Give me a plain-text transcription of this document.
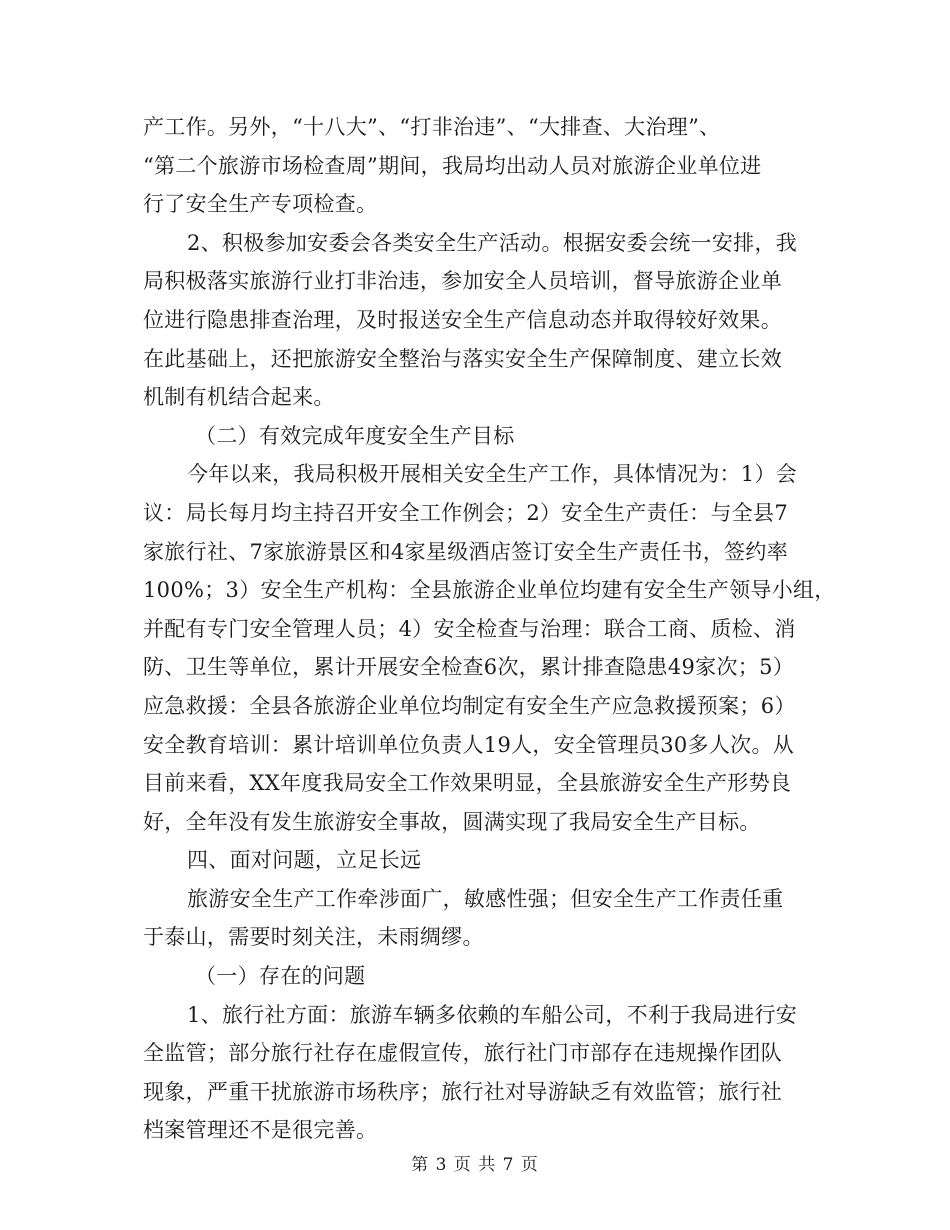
产工作。另外，“十八大”、“打非治违”、“大排查、大治理”、
“第二个旅游市场检查周”期间，我局均出动人员对旅游企业单位进
行了安全生产专项检查。
2、积极参加安委会各类安全生产活动。根据安委会统一安排，我
局积极落实旅游行业打非治违，参加安全人员培训，督导旅游企业单
位进行隐患排查治理，及时报送安全生产信息动态并取得较好效果。
在此基础上，还把旅游安全整治与落实安全生产保障制度、建立长效
机制有机结合起来。
（二）有效完成年度安全生产目标
今年以来，我局积极开展相关安全生产工作，具体情况为：1）会
议：局长每月均主持召开安全工作例会；2）安全生产责任：与全县7
家旅行社、7家旅游景区和4家星级酒店签订安全生产责任书，签约率
100%；3）安全生产机构：全县旅游企业单位均建有安全生产领导小组，
并配有专门安全管理人员；4）安全检查与治理：联合工商、质检、消
防、卫生等单位，累计开展安全检查6次，累计排查隐患49家次；5）
应急救援：全县各旅游企业单位均制定有安全生产应急救援预案；6）
安全教育培训：累计培训单位负责人19人，安全管理员30多人次。从
目前来看，XX年度我局安全工作效果明显，全县旅游安全生产形势良
好，全年没有发生旅游安全事故，圆满实现了我局安全生产目标。
四、面对问题，立足长远
旅游安全生产工作牵涉面广，敏感性强；但安全生产工作责任重
于泰山，需要时刻关注，未雨绸缪。
（一）存在的问题
1、旅行社方面：旅游车辆多依赖的车船公司，不利于我局进行安
全监管；部分旅行社存在虚假宣传，旅行社门市部存在违规操作团队
现象，严重干扰旅游市场秩序；旅行社对导游缺乏有效监管；旅行社
档案管理还不是很完善。
第 3 页 共 7 页
